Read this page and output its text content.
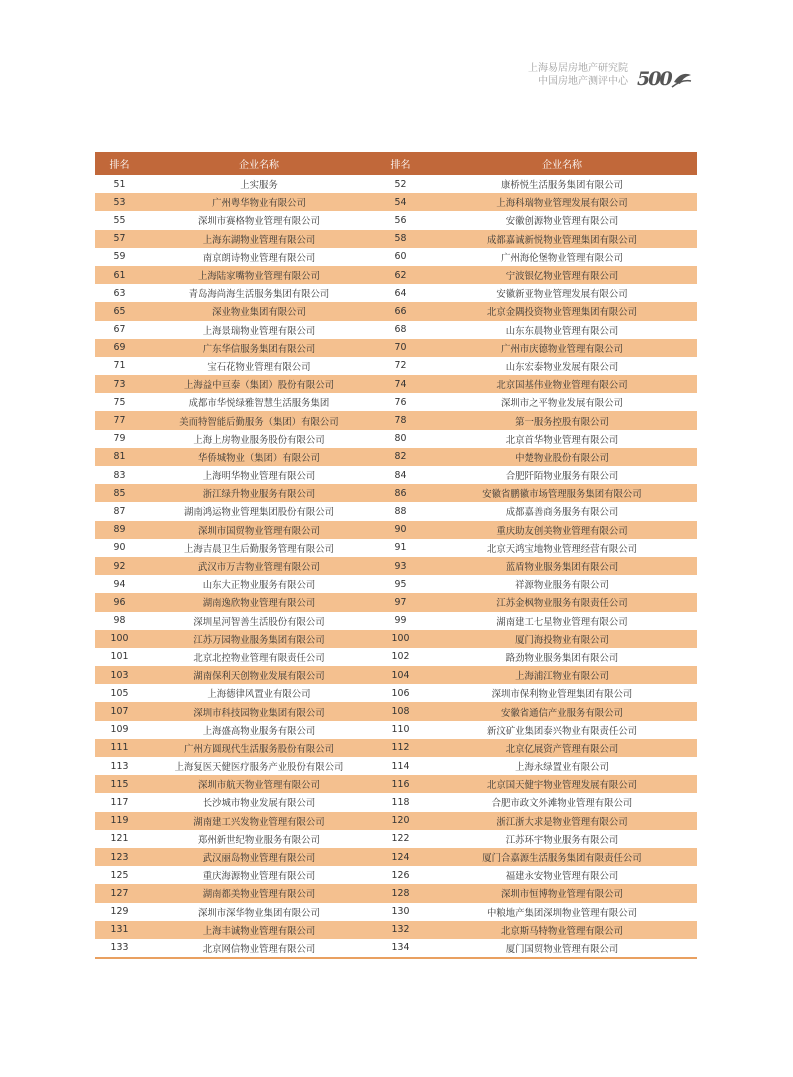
上海易居房地产研究院
中国房地产测评中心 500
排名	企业名称	排名	企业名称
51	上实服务	52	康桥悦生活服务集团有限公司
53	广州粤华物业有限公司	54	上海科瑞物业管理发展有限公司
55	深圳市赛格物业管理有限公司	56	安徽创源物业管理有限公司
57	上海东湖物业管理有限公司	58	成都嘉诚新悦物业管理集团有限公司
59	南京朗诗物业管理有限公司	60	广州海伦堡物业管理有限公司
61	上海陆家嘴物业管理有限公司	62	宁波银亿物业管理有限公司
63	青岛海尚海生活服务集团有限公司	64	安徽新亚物业管理发展有限公司
65	深业物业集团有限公司	66	北京金隅投资物业管理集团有限公司
67	上海景瑞物业管理有限公司	68	山东东晨物业管理有限公司
69	广东华信服务集团有限公司	70	广州市庆德物业管理有限公司
71	宝石花物业管理有限公司	72	山东宏泰物业发展有限公司
73	上海益中亘泰（集团）股份有限公司	74	北京国基伟业物业管理有限公司
75	成都市华悦绿雅智慧生活服务集团	76	深圳市之平物业发展有限公司
77	美而特智能后勤服务（集团）有限公司	78	第一服务控股有限公司
79	上海上房物业服务股份有限公司	80	北京首华物业管理有限公司
81	华侨城物业（集团）有限公司	82	中楚物业股份有限公司
83	上海明华物业管理有限公司	84	合肥阡陌物业服务有限公司
85	浙江绿升物业服务有限公司	86	安徽省鹏徽市场管理服务集团有限公司
87	湖南鸿运物业管理集团股份有限公司	88	成都嘉善商务服务有限公司
89	深圳市国贸物业管理有限公司	90	重庆助友创美物业管理有限公司
90	上海吉晨卫生后勤服务管理有限公司	91	北京天鸿宝地物业管理经营有限公司
92	武汉市万吉物业管理有限公司	93	蓝盾物业服务集团有限公司
94	山东大正物业服务有限公司	95	祥源物业服务有限公司
96	湖南逸欣物业管理有限公司	97	江苏金枫物业服务有限责任公司
98	深圳星河智善生活股份有限公司	99	湖南建工七星物业管理有限公司
100	江苏万园物业服务集团有限公司	100	厦门海投物业有限公司
101	北京北控物业管理有限责任公司	102	路劲物业服务集团有限公司
103	湖南保利天创物业发展有限公司	104	上海浦江物业有限公司
105	上海德律风置业有限公司	106	深圳市保利物业管理集团有限公司
107	深圳市科技园物业集团有限公司	108	安徽省通信产业服务有限公司
109	上海盛高物业服务有限公司	110	新汶矿业集团泰兴物业有限责任公司
111	广州方圆现代生活服务股份有限公司	112	北京亿展资产管理有限公司
113	上海复医天健医疗服务产业股份有限公司	114	上海永绿置业有限公司
115	深圳市航天物业管理有限公司	116	北京国天健宇物业管理发展有限公司
117	长沙城市物业发展有限公司	118	合肥市政文外滩物业管理有限公司
119	湖南建工兴发物业管理有限公司	120	浙江浙大求是物业管理有限公司
121	郑州新世纪物业服务有限公司	122	江苏环宇物业服务有限公司
123	武汉丽岛物业管理有限公司	124	厦门合嘉源生活服务集团有限责任公司
125	重庆海源物业管理有限公司	126	福建永安物业管理有限公司
127	湖南都美物业管理有限公司	128	深圳市恒博物业管理有限公司
129	深圳市深华物业集团有限公司	130	中粮地产集团深圳物业管理有限公司
131	上海丰诚物业管理有限公司	132	北京斯马特物业管理有限公司
133	北京网信物业管理有限公司	134	厦门国贸物业管理有限公司
